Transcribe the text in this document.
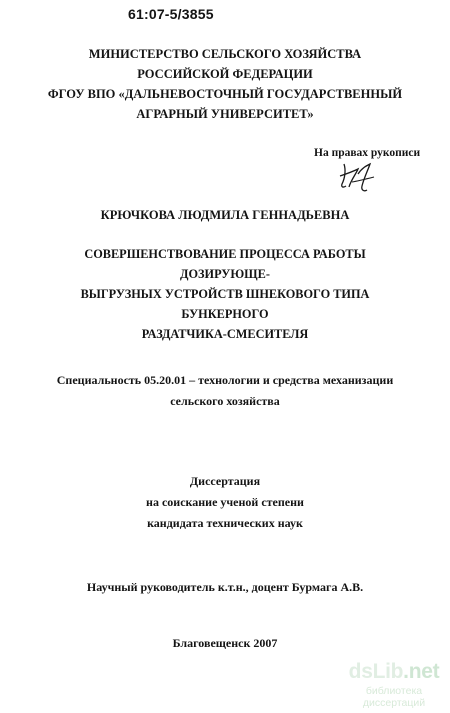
61:07-5/3855
МИНИСТЕРСТВО СЕЛЬСКОГО ХОЗЯЙСТВА
РОССИЙСКОЙ ФЕДЕРАЦИИ
ФГОУ ВПО «ДАЛЬНЕВОСТОЧНЫЙ ГОСУДАРСТВЕННЫЙ
АГРАРНЫЙ УНИВЕРСИТЕТ»
На правах рукописи
КРЮЧКОВА ЛЮДМИЛА ГЕННАДЬЕВНА
СОВЕРШЕНСТВОВАНИЕ ПРОЦЕССА РАБОТЫ ДОЗИРУЮЩЕ-
ВЫГРУЗНЫХ УСТРОЙСТВ ШНЕКОВОГО ТИПА БУНКЕРНОГО
РАЗДАТЧИКА-СМЕСИТЕЛЯ
Специальность 05.20.01 – технологии и средства механизации
сельского хозяйства
Диссертация
на соискание ученой степени
кандидата технических наук
Научный руководитель к.т.н., доцент Бурмага А.В.
Благовещенск 2007
dsLib.net
библиотека диссертаций
